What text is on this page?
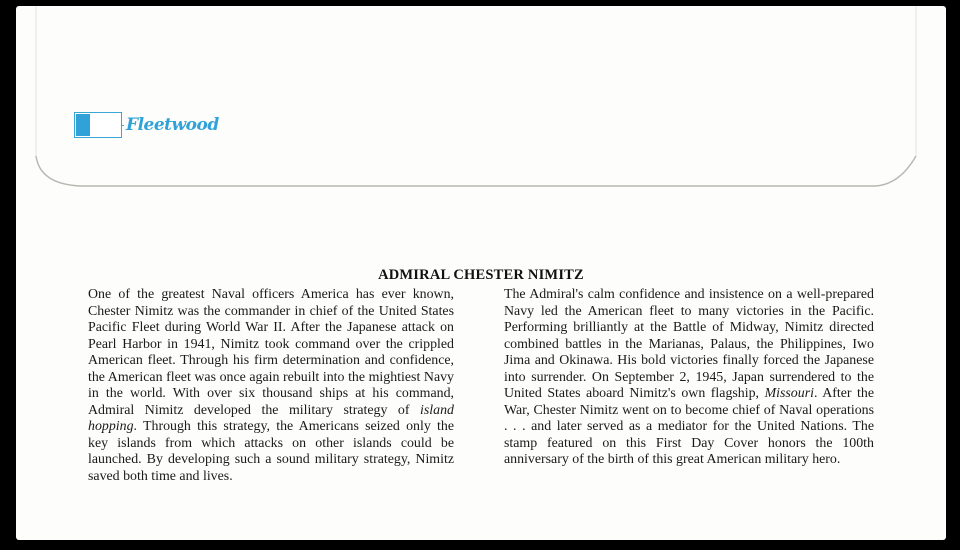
Fleetwood
ADMIRAL CHESTER NIMITZ
One of the greatest Naval officers America has ever known, Chester Nimitz was the commander in chief of the United States Pacific Fleet during World War II. After the Japanese attack on Pearl Harbor in 1941, Nimitz took command over the crippled American fleet. Through his firm determination and confidence, the American fleet was once again rebuilt into the mightiest Navy in the world. With over six thousand ships at his command, Admiral Nimitz developed the military strategy of island hopping. Through this strategy, the Americans seized only the key islands from which attacks on other islands could be launched. By developing such a sound military strategy, Nimitz saved both time and lives.
The Admiral's calm confidence and insistence on a well-prepared Navy led the American fleet to many victories in the Pacific. Performing brilliantly at the Battle of Midway, Nimitz directed combined battles in the Marianas, Palaus, the Philippines, Iwo Jima and Okinawa. His bold victories finally forced the Japanese into surrender. On September 2, 1945, Japan surrendered to the United States aboard Nimitz's own flagship, Missouri. After the War, Chester Nimitz went on to become chief of Naval operations . . . and later served as a mediator for the United Nations. The stamp featured on this First Day Cover honors the 100th anniversary of the birth of this great American military hero.
